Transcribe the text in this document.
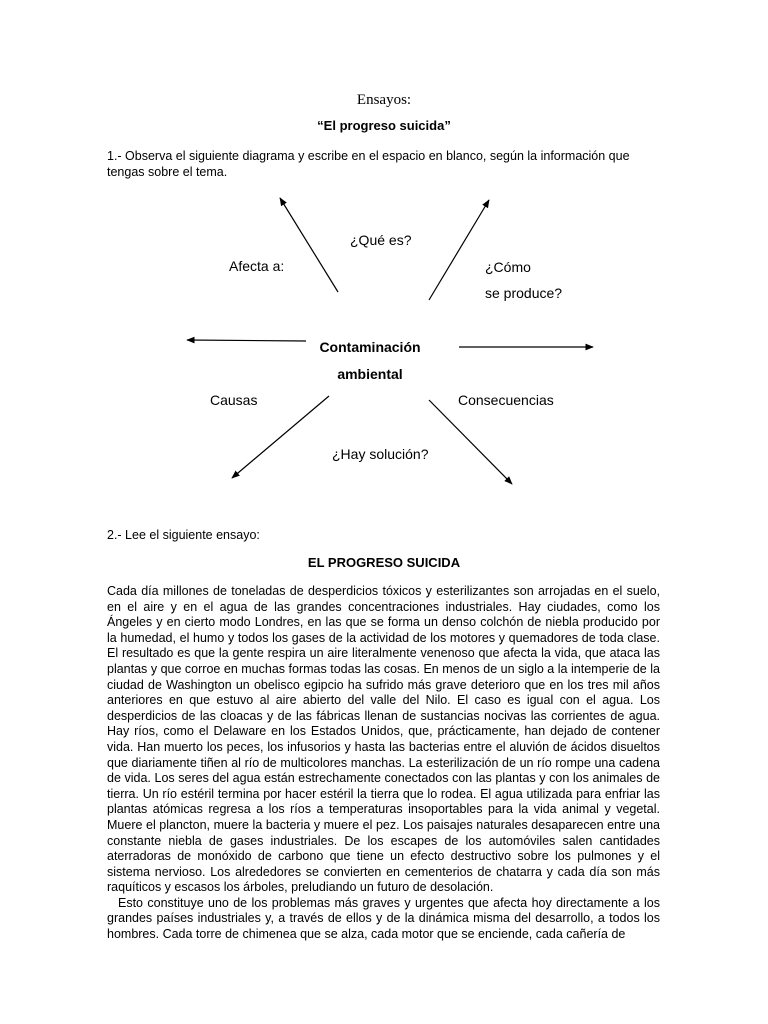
Ensayos:
“El progreso suicida”
1.- Observa el siguiente diagrama y escribe en el espacio en blanco, según la información que tengas sobre el tema.
¿Qué es?
Afecta a:	¿Cómo
se produce?
Contaminación
ambiental
Causas	Consecuencias
¿Hay solución?
2.- Lee el siguiente ensayo:
EL PROGRESO SUICIDA

Cada día millones de toneladas de desperdicios tóxicos y esterilizantes son arrojadas en el suelo, en el aire y en el agua de las grandes concentraciones industriales. Hay ciudades, como los Ángeles y en cierto modo Londres, en las que se forma un denso colchón de niebla producido por la humedad, el humo y todos los gases de la actividad de los motores y quemadores de toda clase. El resultado es que la gente respira un aire literalmente venenoso que afecta la vida, que ataca las plantas y que corroe en muchas formas todas las cosas. En menos de un siglo a la intemperie de la ciudad de Washington un obelisco egipcio ha sufrido más grave deterioro que en los tres mil años anteriores en que estuvo al aire abierto del valle del Nilo. El caso es igual con el agua. Los desperdicios de las cloacas y de las fábricas llenan de sustancias nocivas las corrientes de agua. Hay ríos, como el Delaware en los Estados Unidos, que, prácticamente, han dejado de contener vida. Han muerto los peces, los infusorios y hasta las bacterias entre el aluvión de ácidos disueltos que diariamente tiñen al río de multicolores manchas. La esterilización de un río rompe una cadena de vida. Los seres del agua están estrechamente conectados con las plantas y con los animales de tierra. Un río estéril termina por hacer estéril la tierra que lo rodea. El agua utilizada para enfriar las plantas atómicas regresa a los ríos a temperaturas insoportables para la vida animal y vegetal. Muere el plancton, muere la bacteria y muere el pez. Los paisajes naturales desaparecen entre una constante niebla de gases industriales. De los escapes de los automóviles salen cantidades aterradoras de monóxido de carbono que tiene un efecto destructivo sobre los pulmones y el sistema nervioso. Los alrededores se convierten en cementerios de chatarra y cada día son más raquíticos y escasos los árboles, preludiando un futuro de desolación.

Esto constituye uno de los problemas más graves y urgentes que afecta hoy directamente a los grandes países industriales y, a través de ellos y de la dinámica misma del desarrollo, a todos los hombres. Cada torre de chimenea que se alza, cada motor que se enciende, cada cañería de
